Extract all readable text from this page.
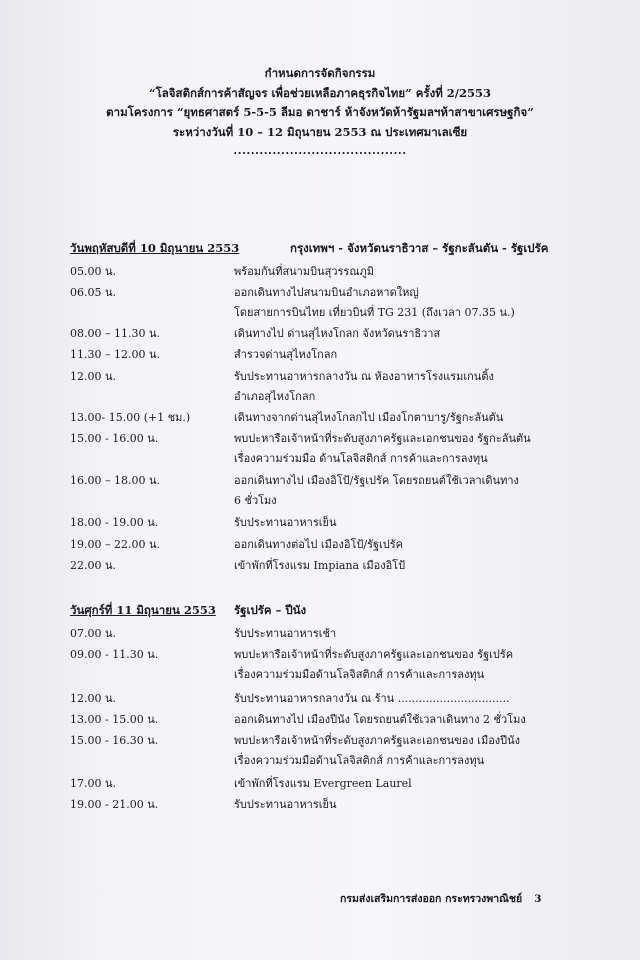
กำหนดการจัดกิจกรรม
“โลจิสติกส์การค้าสัญจร เพื่อช่วยเหลือภาคธุรกิจไทย” ครั้งที่ 2/2553
ตามโครงการ “ยุทธศาสตร์ 5-5-5 ลีมอ ดาชาร์ ห้าจังหวัดห้ารัฐมลฯห้าสาขาเศรษฐกิจ”
ระหว่างวันที่ 10 – 12 มิถุนายน 2553 ณ ประเทศมาเลเซีย
........................................
วันพฤหัสบดีที่ 10 มิถุนายน 2553	กรุงเทพฯ - จังหวัดนราธิวาส – รัฐกะลันตัน - รัฐเปรัค
05.00 น.	พร้อมกันที่สนามบินสุวรรณภูมิ
06.05 น.	ออกเดินทางไปสนามบินอำเภอหาดใหญ่
โดยสายการบินไทย เที่ยวบินที่ TG 231 (ถึงเวลา 07.35 น.)
08.00 – 11.30 น.	เดินทางไป ด่านสุไหงโกลก จังหวัดนราธิวาส
11.30 – 12.00 น.	สำรวจด่านสุไหงโกลก
12.00 น.	รับประทานอาหารกลางวัน ณ ห้องอาหารโรงแรมเกนติ้ง
อำเภอสุไหงโกลก
13.00- 15.00 (+1 ชม.)	เดินทางจากด่านสุไหงโกลกไป เมืองโกตาบารู/รัฐกะลันตัน
15.00 - 16.00 น.	พบปะหารือเจ้าหน้าที่ระดับสูงภาครัฐและเอกชนของ รัฐกะลันตัน
เรื่องความร่วมมือ ด้านโลจิสติกส์ การค้าและการลงทุน
16.00 – 18.00 น.	ออกเดินทางไป เมืองอิโป้/รัฐเปรัค โดยรถยนต์ใช้เวลาเดินทาง
6 ชั่วโมง
18.00 - 19.00 น.	รับประทานอาหารเย็น
19.00 – 22.00 น.	ออกเดินทางต่อไป เมืองอิโป้/รัฐเปรัค
22.00 น.	เข้าพักที่โรงแรม Impiana เมืองอิโป้
วันศุกร์ที่ 11 มิถุนายน 2553 รัฐเปรัค – ปีนัง
07.00 น.	รับประทานอาหารเช้า
09.00 - 11.30 น.	พบปะหารือเจ้าหน้าที่ระดับสูงภาครัฐและเอกชนของ รัฐเปรัค
เรื่องความร่วมมือด้านโลจิสติกส์ การค้าและการลงทุน
12.00 น.	รับประทานอาหารกลางวัน ณ ร้าน ................................
13.00 - 15.00 น.	ออกเดินทางไป เมืองปีนัง โดยรถยนต์ใช้เวลาเดินทาง 2 ชั่วโมง
15.00 - 16.30 น.	พบปะหารือเจ้าหน้าที่ระดับสูงภาครัฐและเอกชนของ เมืองปีนัง
เรื่องความร่วมมือด้านโลจิสติกส์ การค้าและการลงทุน
17.00 น.	เข้าพักที่โรงแรม Evergreen Laurel
19.00 - 21.00 น.	รับประทานอาหารเย็น
กรมส่งเสริมการส่งออก กระทรวงพาณิชย์ 3
